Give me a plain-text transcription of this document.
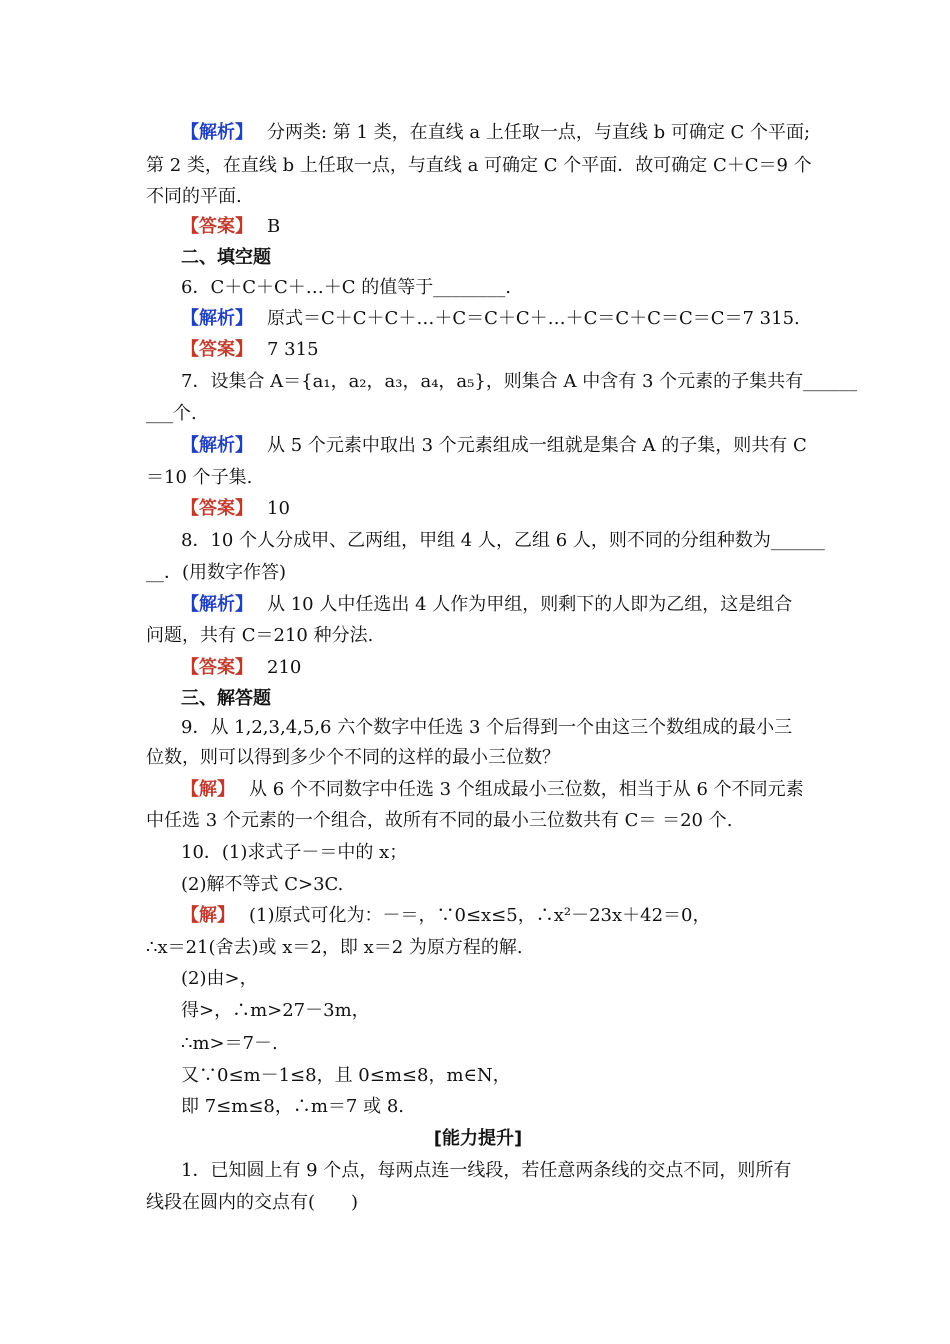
【解析】 分两类: 第 1 类，在直线 a 上任取一点，与直线 b 可确定 C 个平面;
第 2 类，在直线 b 上任取一点，与直线 a 可确定 C 个平面．故可确定 C＋C＝9 个
不同的平面.
【答案】 B
二、填空题
6．C＋C＋C＋…＋C 的值等于________.
【解析】 原式＝C＋C＋C＋…＋C＝C＋C＋…＋C＝C＋C＝C＝C＝7 315.
【答案】 7 315
7．设集合 A＝{a₁，a₂，a₃，a₄，a₅}，则集合 A 中含有 3 个元素的子集共有______
___个.
【解析】 从 5 个元素中取出 3 个元素组成一组就是集合 A 的子集，则共有 C
＝10 个子集.
【答案】 10
8．10 个人分成甲、乙两组，甲组 4 人，乙组 6 人，则不同的分组种数为______
__．(用数字作答)
【解析】 从 10 人中任选出 4 人作为甲组，则剩下的人即为乙组，这是组合
问题，共有 C＝210 种分法.
【答案】 210
三、解答题
9．从 1,2,3,4,5,6 六个数字中任选 3 个后得到一个由这三个数组成的最小三
位数，则可以得到多少个不同的这样的最小三位数？
【解】 从 6 个不同数字中任选 3 个组成最小三位数，相当于从 6 个不同元素
中任选 3 个元素的一个组合，故所有不同的最小三位数共有 C＝ ＝20 个.
10．(1)求式子－＝中的 x；
(2)解不等式 C>3C.
【解】 (1)原式可化为：－＝，∵0≤x≤5，∴x²－23x＋42＝0，
∴x＝21(舍去)或 x＝2，即 x＝2 为原方程的解.
(2)由>，
得>，∴m>27－3m，
∴m>＝7－.
又∵0≤m－1≤8，且 0≤m≤8，m∈N，
即 7≤m≤8，∴m＝7 或 8.
[能力提升]
1．已知圆上有 9 个点，每两点连一线段，若任意两条线的交点不同，则所有
线段在圆内的交点有(　　)
